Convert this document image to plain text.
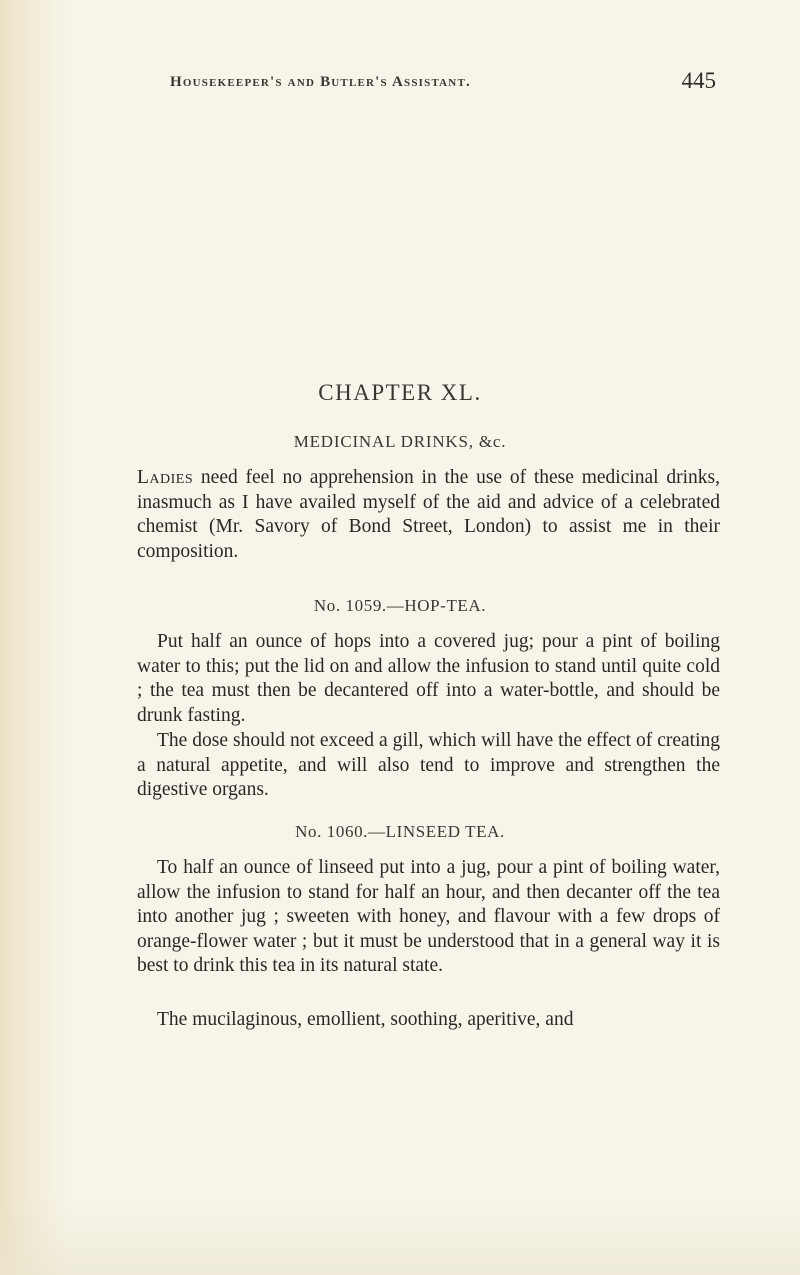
Housekeeper's and Butler's Assistant.	445
CHAPTER XL.
MEDICINAL DRINKS, &c.

Ladies need feel no apprehension in the use of these medicinal drinks, inasmuch as I have availed myself of the aid and advice of a celebrated chemist (Mr. Savory of Bond Street, London) to assist me in their composition.

No. 1059.—HOP-TEA.

Put half an ounce of hops into a covered jug; pour a pint of boiling water to this; put the lid on and allow the infusion to stand until quite cold ; the tea must then be decantered off into a water-bottle, and should be drunk fasting.

The dose should not exceed a gill, which will have the effect of creating a natural appetite, and will also tend to improve and strengthen the digestive organs.

No. 1060.—LINSEED TEA.

To half an ounce of linseed put into a jug, pour a pint of boiling water, allow the infusion to stand for half an hour, and then decanter off the tea into another jug ; sweeten with honey, and flavour with a few drops of orange-flower water ; but it must be understood that in a general way it is best to drink this tea in its natural state.

The mucilaginous, emollient, soothing, aperitive, and
